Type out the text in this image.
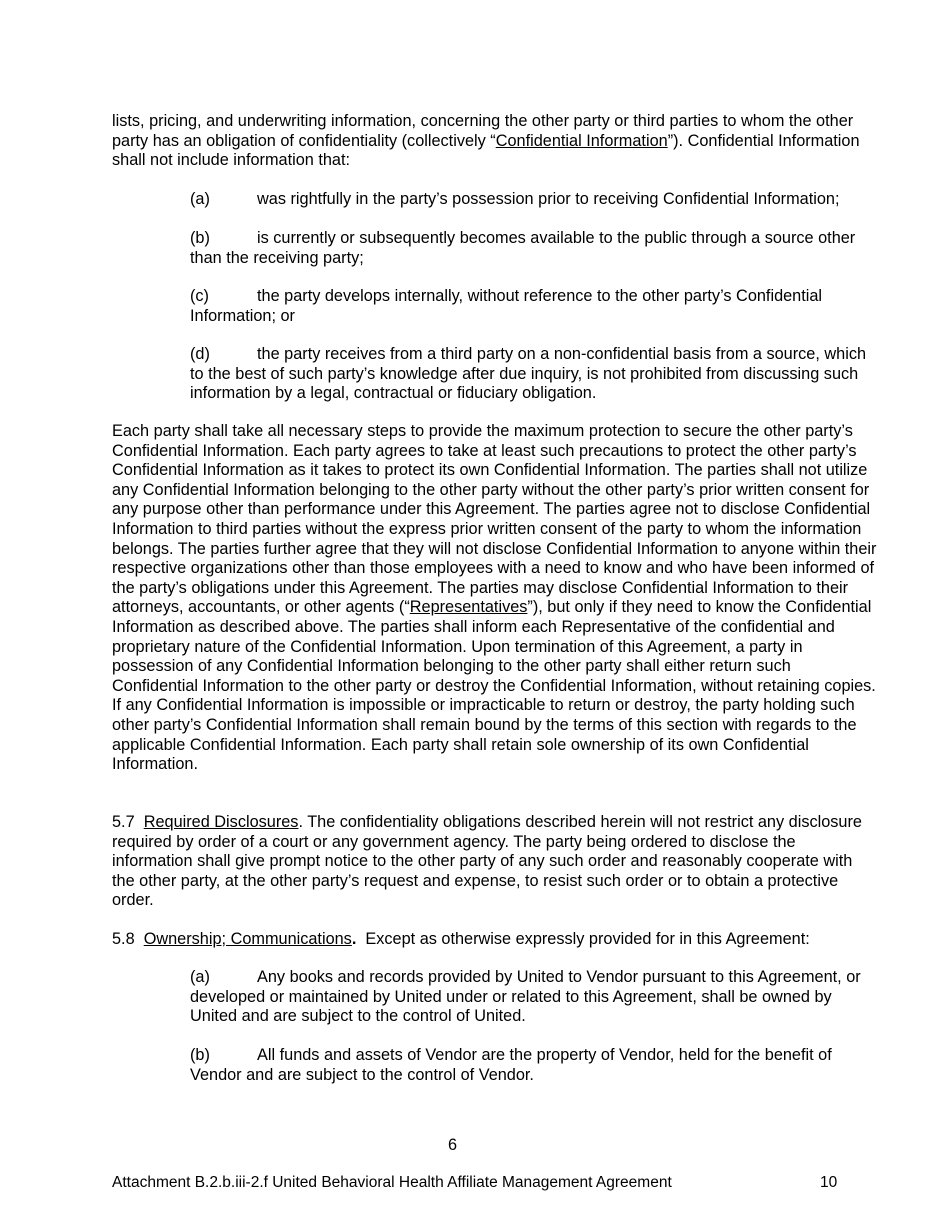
lists, pricing, and underwriting information, concerning the other party or third parties to whom the other party has an obligation of confidentiality (collectively “Confidential Information”). Confidential Information shall not include information that:

(a)	was rightfully in the party’s possession prior to receiving Confidential Information;

(b)	is currently or subsequently becomes available to the public through a source other than the receiving party;

(c)	the party develops internally, without reference to the other party’s Confidential Information; or

(d)	the party receives from a third party on a non-confidential basis from a source, which to the best of such party’s knowledge after due inquiry, is not prohibited from discussing such information by a legal, contractual or fiduciary obligation.

Each party shall take all necessary steps to provide the maximum protection to secure the other party’s Confidential Information. Each party agrees to take at least such precautions to protect the other party’s Confidential Information as it takes to protect its own Confidential Information. The parties shall not utilize any Confidential Information belonging to the other party without the other party’s prior written consent for any purpose other than performance under this Agreement. The parties agree not to disclose Confidential Information to third parties without the express prior written consent of the party to whom the information belongs. The parties further agree that they will not disclose Confidential Information to anyone within their respective organizations other than those employees with a need to know and who have been informed of the party’s obligations under this Agreement. The parties may disclose Confidential Information to their attorneys, accountants, or other agents (“Representatives”), but only if they need to know the Confidential Information as described above. The parties shall inform each Representative of the confidential and proprietary nature of the Confidential Information. Upon termination of this Agreement, a party in possession of any Confidential Information belonging to the other party shall either return such Confidential Information to the other party or destroy the Confidential Information, without retaining copies. If any Confidential Information is impossible or impracticable to return or destroy, the party holding such other party’s Confidential Information shall remain bound by the terms of this section with regards to the applicable Confidential Information. Each party shall retain sole ownership of its own Confidential Information.

5.7 Required Disclosures. The confidentiality obligations described herein will not restrict any disclosure required by order of a court or any government agency. The party being ordered to disclose the information shall give prompt notice to the other party of any such order and reasonably cooperate with the other party, at the other party’s request and expense, to resist such order or to obtain a protective order.

5.8 Ownership; Communications.  Except as otherwise expressly provided for in this Agreement:

(a)	Any books and records provided by United to Vendor pursuant to this Agreement, or developed or maintained by United under or related to this Agreement, shall be owned by United and are subject to the control of United.

(b)	All funds and assets of Vendor are the property of Vendor, held for the benefit of Vendor and are subject to the control of Vendor.

6
Attachment B.2.b.iii-2.f United Behavioral Health Affiliate Management Agreement	10
